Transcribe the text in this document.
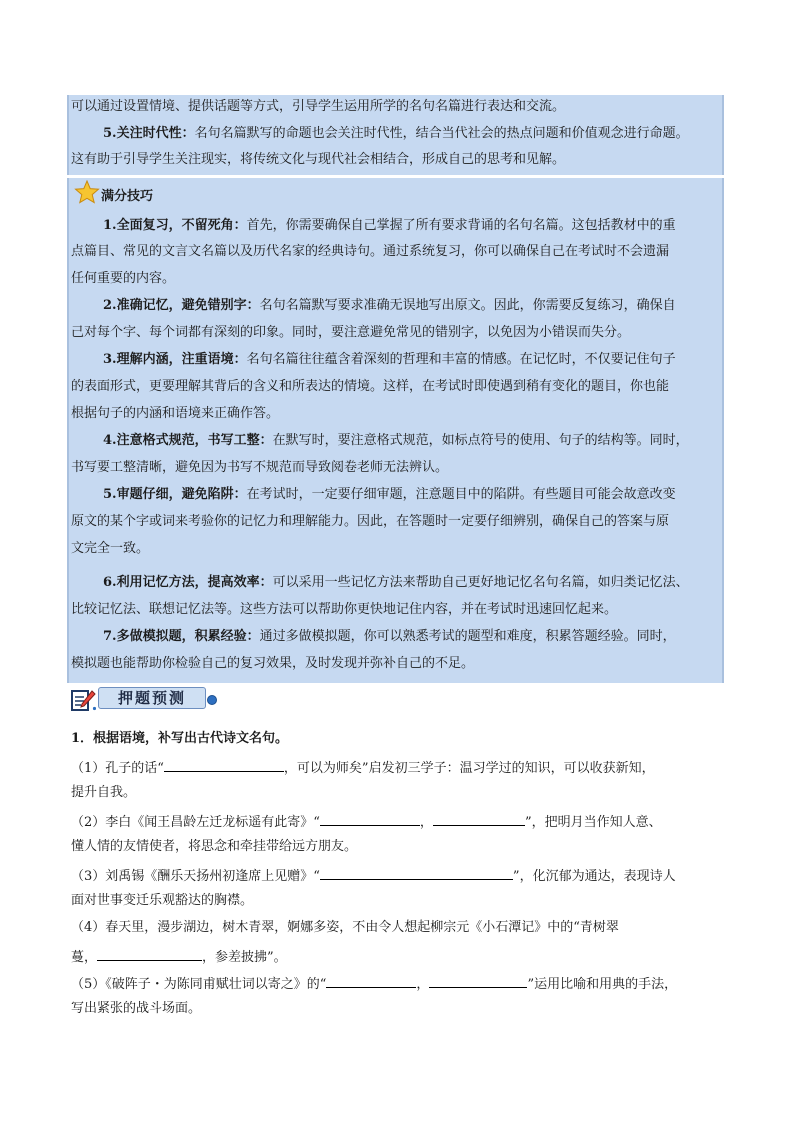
可以通过设置情境、提供话题等方式，引导学生运用所学的名句名篇进行表达和交流。
5.关注时代性：名句名篇默写的命题也会关注时代性，结合当代社会的热点问题和价值观念进行命题。
这有助于引导学生关注现实，将传统文化与现代社会相结合，形成自己的思考和见解。
满分技巧
1.全面复习，不留死角：首先，你需要确保自己掌握了所有要求背诵的名句名篇。这包括教材中的重
点篇目、常见的文言文名篇以及历代名家的经典诗句。通过系统复习，你可以确保自己在考试时不会遗漏
任何重要的内容。
2.准确记忆，避免错别字：名句名篇默写要求准确无误地写出原文。因此，你需要反复练习，确保自
己对每个字、每个词都有深刻的印象。同时，要注意避免常见的错别字，以免因为小错误而失分。
3.理解内涵，注重语境：名句名篇往往蕴含着深刻的哲理和丰富的情感。在记忆时，不仅要记住句子
的表面形式，更要理解其背后的含义和所表达的情境。这样，在考试时即使遇到稍有变化的题目，你也能
根据句子的内涵和语境来正确作答。
4.注意格式规范，书写工整：在默写时，要注意格式规范，如标点符号的使用、句子的结构等。同时，
书写要工整清晰，避免因为书写不规范而导致阅卷老师无法辨认。
5.审题仔细，避免陷阱：在考试时，一定要仔细审题，注意题目中的陷阱。有些题目可能会故意改变
原文的某个字或词来考验你的记忆力和理解能力。因此，在答题时一定要仔细辨别，确保自己的答案与原
文完全一致。
6.利用记忆方法，提高效率：可以采用一些记忆方法来帮助自己更好地记忆名句名篇，如归类记忆法、
比较记忆法、联想记忆法等。这些方法可以帮助你更快地记住内容，并在考试时迅速回忆起来。
7.多做模拟题，积累经验：通过多做模拟题，你可以熟悉考试的题型和难度，积累答题经验。同时，
模拟题也能帮助你检验自己的复习效果，及时发现并弥补自己的不足。
押题预测
1．根据语境，补写出古代诗文名句。
（1）孔子的话“	，可以为师矣”启发初三学子：温习学过的知识，可以收获新知，
提升自我。
（2）李白《闻王昌龄左迁龙标遥有此寄》“	，	”，把明月当作知人意、
懂人情的友情使者，将思念和牵挂带给远方朋友。
（3）刘禹锡《酬乐天扬州初逢席上见赠》“	”，化沉郁为通达，表现诗人
面对世事变迁乐观豁达的胸襟。
（4）春天里，漫步湖边，树木青翠，婀娜多姿，不由令人想起柳宗元《小石潭记》中的“青树翠
蔓，	，参差披拂”。
（5）《破阵子・为陈同甫赋壮词以寄之》的“	，	”运用比喻和用典的手法，
写出紧张的战斗场面。
